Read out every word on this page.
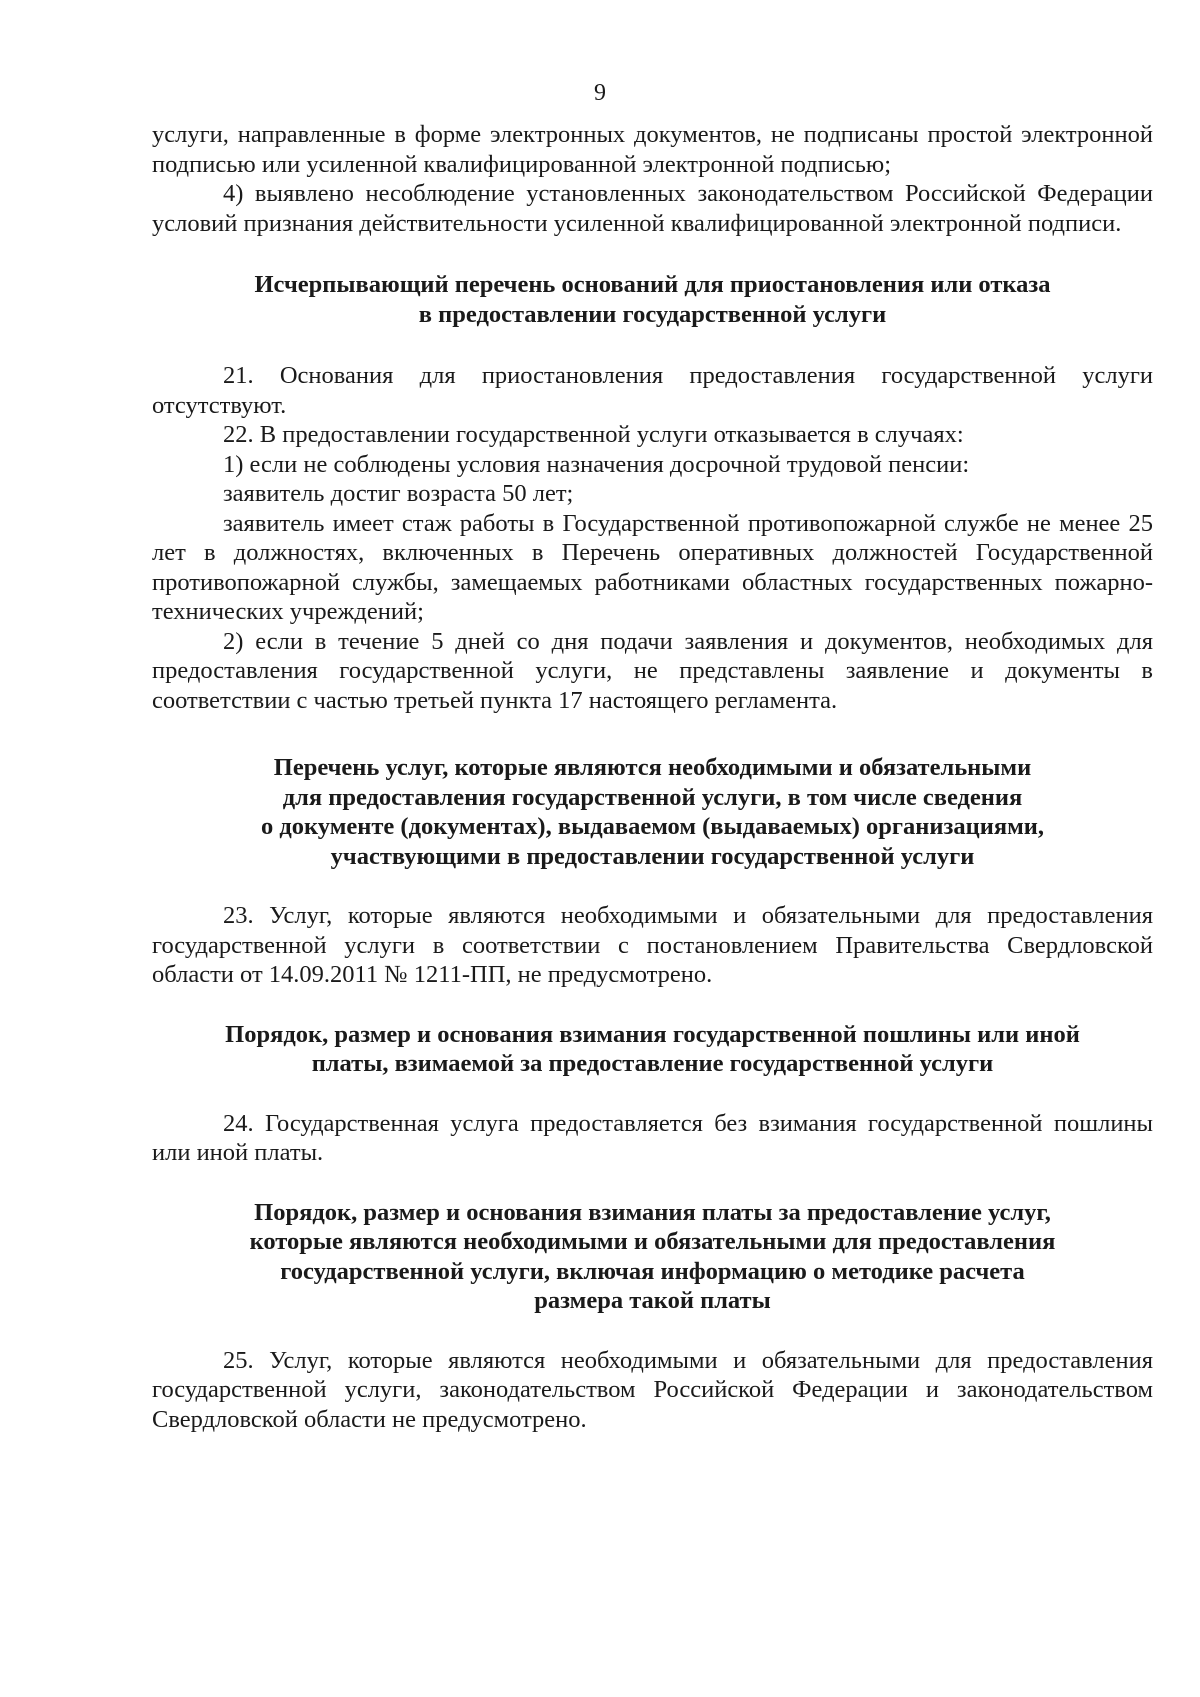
9

услуги, направленные в форме электронных документов, не подписаны простой электронной подписью или усиленной квалифицированной электронной подписью;

4) выявлено несоблюдение установленных законодательством Российской Федерации условий признания действительности усиленной квалифицированной электронной подписи.

Исчерпывающий перечень оснований для приостановления или отказа
в предоставлении государственной услуги

21. Основания для приостановления предоставления государственной услуги отсутствуют.

22. В предоставлении государственной услуги отказывается в случаях:

1) если не соблюдены условия назначения досрочной трудовой пенсии:

заявитель достиг возраста 50 лет;

заявитель имеет стаж работы в Государственной противопожарной службе не менее 25 лет в должностях, включенных в Перечень оперативных должностей Государственной противопожарной службы, замещаемых работниками областных государственных пожарно-технических учреждений;

2) если в течение 5 дней со дня подачи заявления и документов, необходимых для предоставления государственной услуги, не представлены заявление и документы в соответствии с частью третьей пункта 17 настоящего регламента.

Перечень услуг, которые являются необходимыми и обязательными
для предоставления государственной услуги, в том числе сведения
о документе (документах), выдаваемом (выдаваемых) организациями,
участвующими в предоставлении государственной услуги

23. Услуг, которые являются необходимыми и обязательными для предоставления государственной услуги в соответствии с постановлением Правительства Свердловской области от 14.09.2011 № 1211-ПП, не предусмотрено.

Порядок, размер и основания взимания государственной пошлины или иной
платы, взимаемой за предоставление государственной услуги

24. Государственная услуга предоставляется без взимания государственной пошлины или иной платы.

Порядок, размер и основания взимания платы за предоставление услуг,
которые являются необходимыми и обязательными для предоставления
государственной услуги, включая информацию о методике расчета
размера такой платы

25. Услуг, которые являются необходимыми и обязательными для предоставления государственной услуги, законодательством Российской Федерации и законодательством Свердловской области не предусмотрено.
